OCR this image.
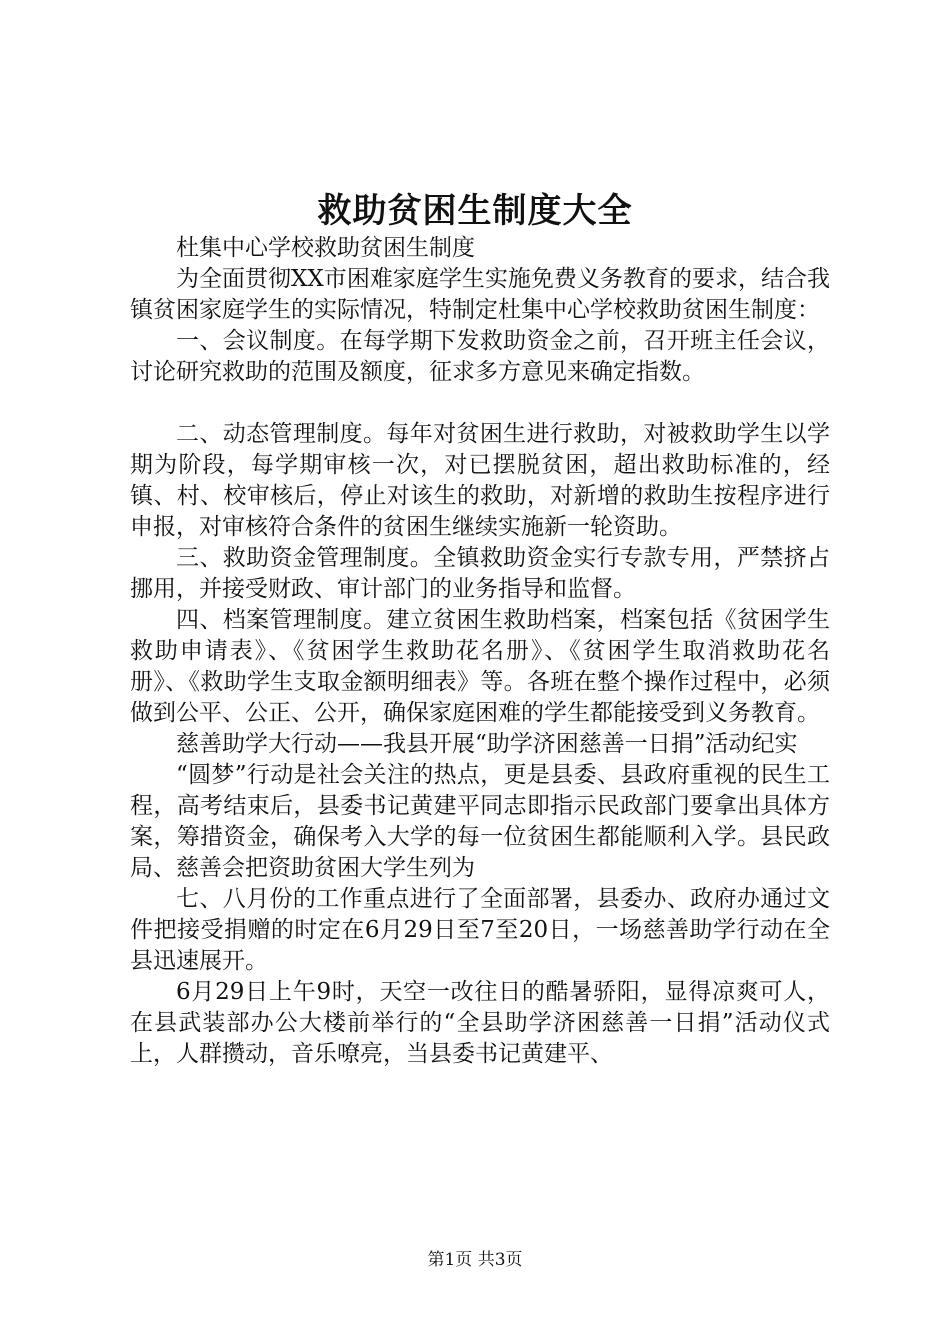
救助贫困生制度大全

杜集中心学校救助贫困生制度

为全面贯彻XX市困难家庭学生实施免费义务教育的要求，结合我镇贫困家庭学生的实际情况，特制定杜集中心学校救助贫困生制度：

一、会议制度。在每学期下发救助资金之前，召开班主任会议，讨论研究救助的范围及额度，征求多方意见来确定指数。

二、动态管理制度。每年对贫困生进行救助，对被救助学生以学期为阶段，每学期审核一次，对已摆脱贫困，超出救助标准的，经镇、村、校审核后，停止对该生的救助，对新增的救助生按程序进行申报，对审核符合条件的贫困生继续实施新一轮资助。

三、救助资金管理制度。全镇救助资金实行专款专用，严禁挤占挪用，并接受财政、审计部门的业务指导和监督。

四、档案管理制度。建立贫困生救助档案，档案包括《贫困学生救助申请表》、《贫困学生救助花名册》、《贫困学生取消救助花名册》、《救助学生支取金额明细表》等。各班在整个操作过程中，必须做到公平、公正、公开，确保家庭困难的学生都能接受到义务教育。

慈善助学大行动——我县开展“助学济困慈善一日捐”活动纪实

“圆梦”行动是社会关注的热点，更是县委、县政府重视的民生工程，高考结束后，县委书记黄建平同志即指示民政部门要拿出具体方案，筹措资金，确保考入大学的每一位贫困生都能顺利入学。县民政局、慈善会把资助贫困大学生列为

七、八月份的工作重点进行了全面部署，县委办、政府办通过文件把接受捐赠的时定在6月29日至7至20日，一场慈善助学行动在全县迅速展开。

6月29日上午9时，天空一改往日的酷暑骄阳，显得凉爽可人，在县武装部办公大楼前举行的“全县助学济困慈善一日捐”活动仪式上，人群攒动，音乐嘹亮，当县委书记黄建平、

第1页 共3页
